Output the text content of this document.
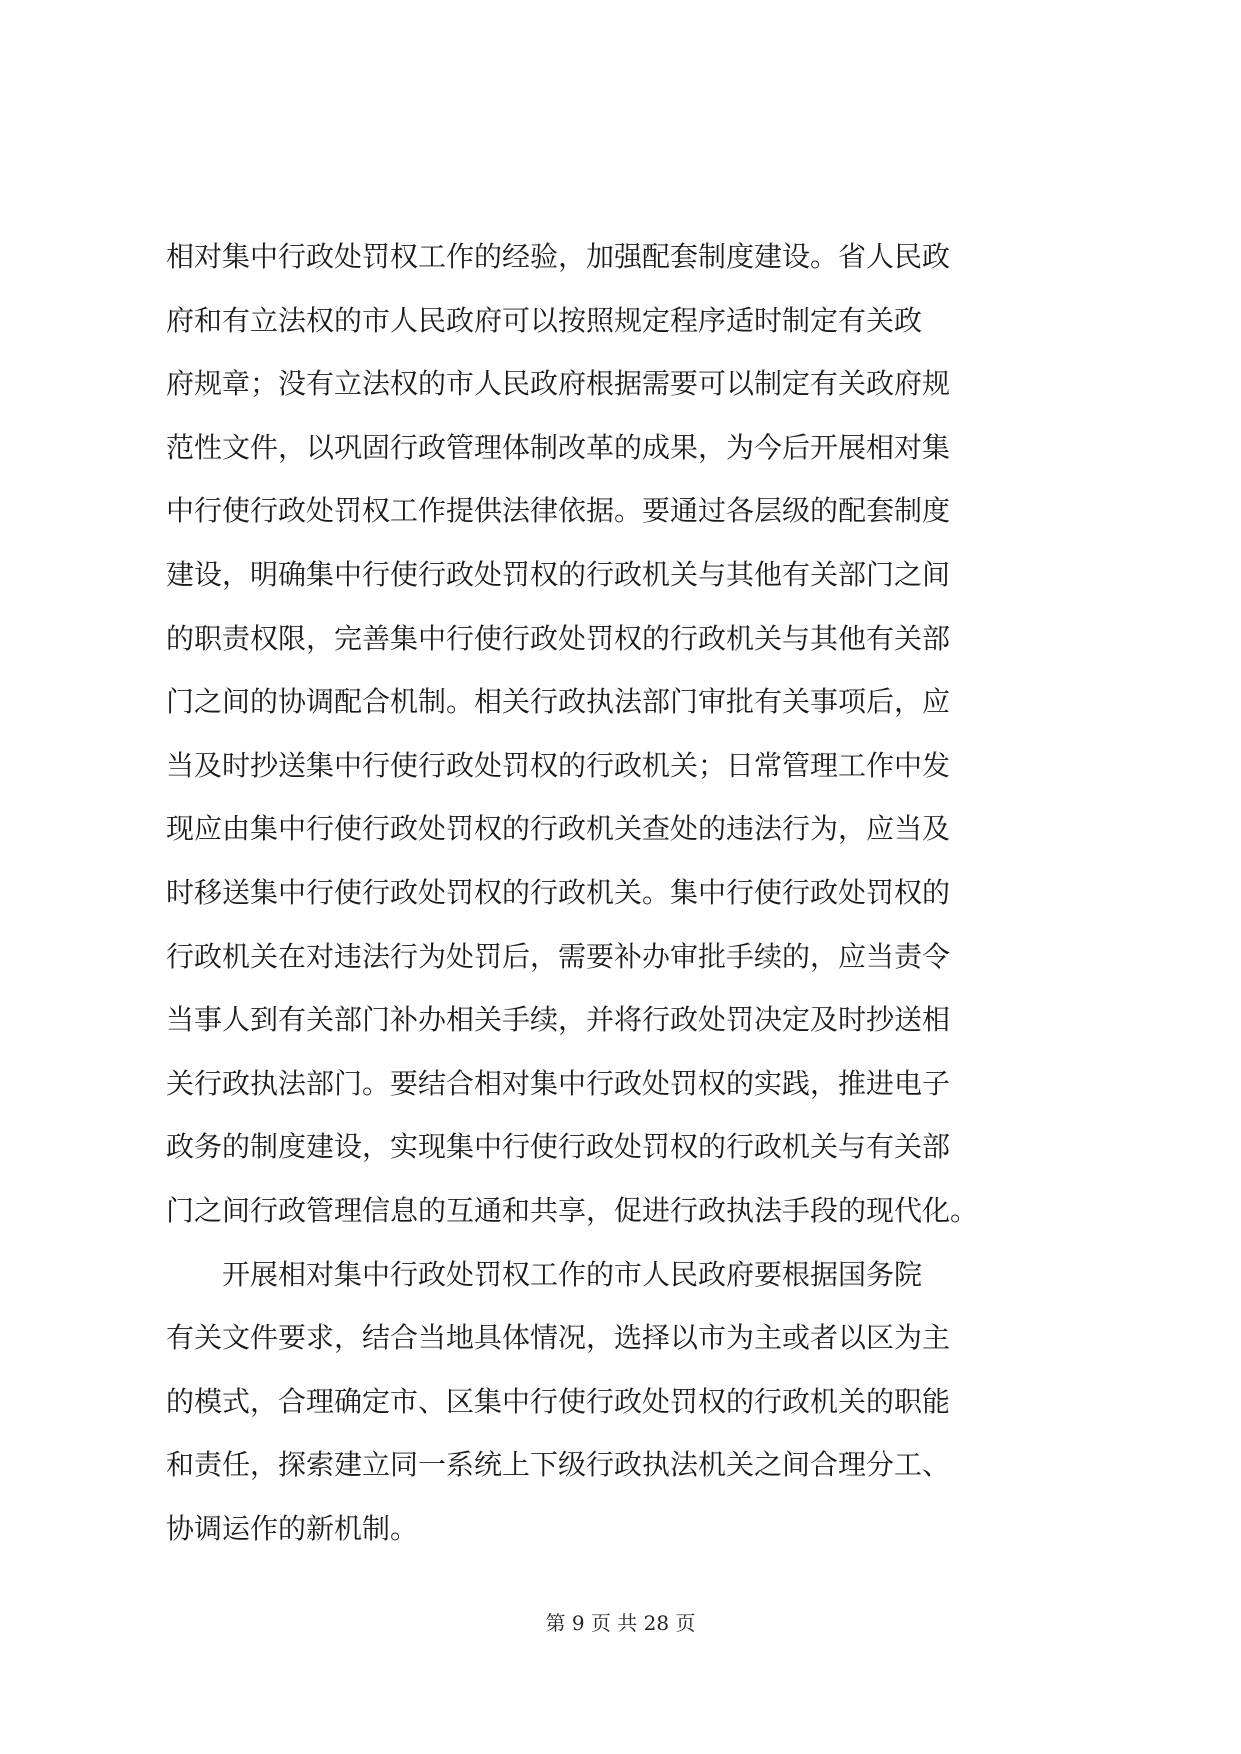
相对集中行政处罚权工作的经验，加强配套制度建设。省人民政
府和有立法权的市人民政府可以按照规定程序适时制定有关政
府规章；没有立法权的市人民政府根据需要可以制定有关政府规
范性文件，以巩固行政管理体制改革的成果，为今后开展相对集
中行使行政处罚权工作提供法律依据。要通过各层级的配套制度
建设，明确集中行使行政处罚权的行政机关与其他有关部门之间
的职责权限，完善集中行使行政处罚权的行政机关与其他有关部
门之间的协调配合机制。相关行政执法部门审批有关事项后，应
当及时抄送集中行使行政处罚权的行政机关；日常管理工作中发
现应由集中行使行政处罚权的行政机关查处的违法行为，应当及
时移送集中行使行政处罚权的行政机关。集中行使行政处罚权的
行政机关在对违法行为处罚后，需要补办审批手续的，应当责令
当事人到有关部门补办相关手续，并将行政处罚决定及时抄送相
关行政执法部门。要结合相对集中行政处罚权的实践，推进电子
政务的制度建设，实现集中行使行政处罚权的行政机关与有关部
门之间行政管理信息的互通和共享，促进行政执法手段的现代化。
　　开展相对集中行政处罚权工作的市人民政府要根据国务院
有关文件要求，结合当地具体情况，选择以市为主或者以区为主
的模式，合理确定市、区集中行使行政处罚权的行政机关的职能
和责任，探索建立同一系统上下级行政执法机关之间合理分工、
协调运作的新机制。
第 9 页 共 28 页
